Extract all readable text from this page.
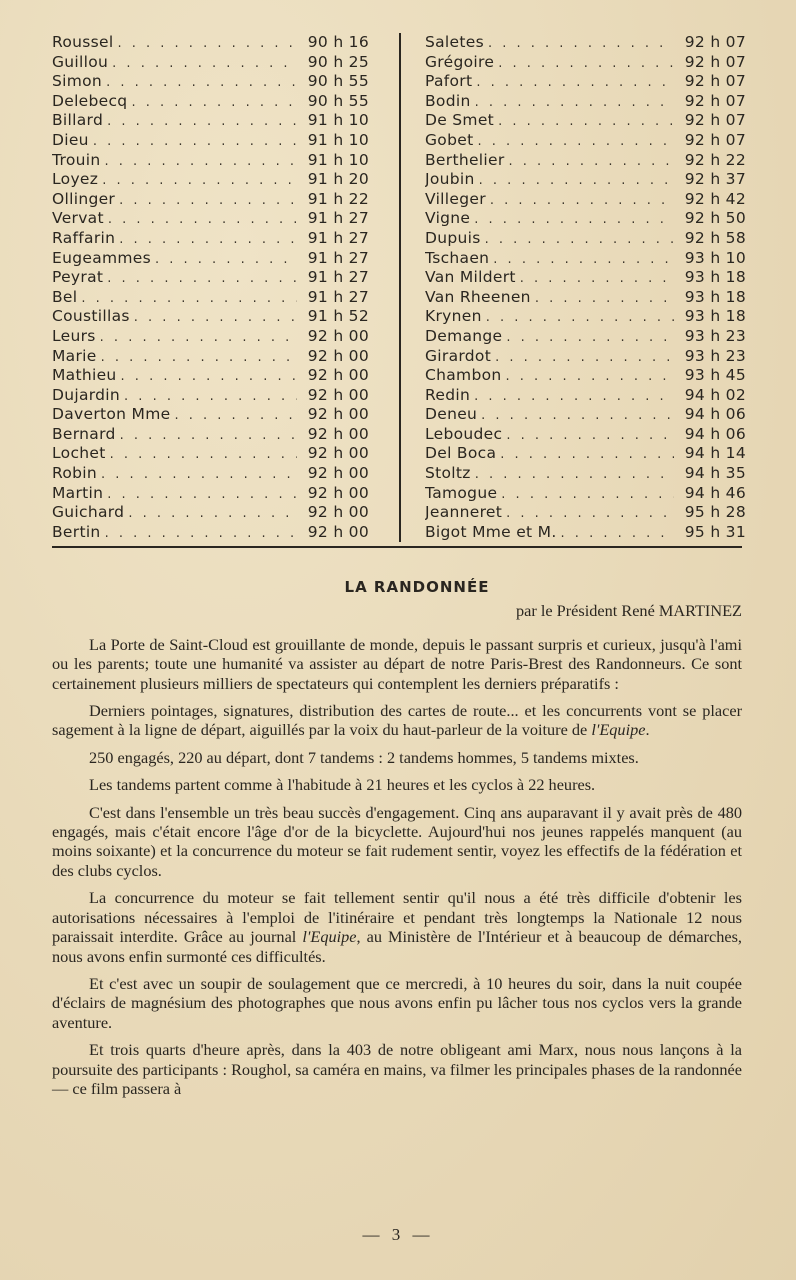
Roussel . . .	90 h 16
Guillou . . .	90 h 25
Simon . . .	90 h 55
Delebecq . . .	90 h 55
Billard . . .	91 h 10
Dieu . . .	91 h 10
Trouin . . .	91 h 10
Loyez . . .	91 h 20
Ollinger . . .	91 h 22
Vervat . . .	91 h 27
Raffarin . . .	91 h 27
Eugeammes . . .	91 h 27
Peyrat . . .	91 h 27
Bel . . .	91 h 27
Coustillas . . .	91 h 52
Leurs . . .	92 h 00
Marie . . .	92 h 00
Mathieu . . .	92 h 00
Dujardin . . .	92 h 00
Daverton Mme . . .	92 h 00
Bernard . . .	92 h 00
Lochet . . .	92 h 00
Robin . . .	92 h 00
Martin . . .	92 h 00
Guichard . . .	92 h 00
Bertin . . .	92 h 00
Saletes . . .	92 h 07
Grégoire . . .	92 h 07
Pafort . . .	92 h 07
Bodin . . .	92 h 07
De Smet . . .	92 h 07
Gobet . . .	92 h 07
Berthelier . . .	92 h 22
Joubin . . .	92 h 37
Villeger . . .	92 h 42
Vigne . . .	92 h 50
Dupuis . . .	92 h 58
Tschaen . . .	93 h 10
Van Mildert . . .	93 h 18
Van Rheenen . . .	93 h 18
Krynen . . .	93 h 18
Demange . . .	93 h 23
Girardot . . .	93 h 23
Chambon . . .	93 h 45
Redin . . .	94 h 02
Deneu . . .	94 h 06
Leboudec . . .	94 h 06
Del Boca . . .	94 h 14
Stoltz . . .	94 h 35
Tamogue . . .	94 h 46
Jeanneret . . .	95 h 28
Bigot Mme et M. . . .	95 h 31
LA RANDONNÉE
par le Président René MARTINEZ

La Porte de Saint-Cloud est grouillante de monde, depuis le passant surpris et curieux, jusqu'à l'ami ou les parents; toute une humanité va assister au départ de notre Paris-Brest des Randonneurs. Ce sont certainement plusieurs milliers de spectateurs qui contemplent les derniers préparatifs :

Derniers pointages, signatures, distribution des cartes de route... et les concurrents vont se placer sagement à la ligne de départ, aiguillés par la voix du haut-parleur de la voiture de l'Equipe.

250 engagés, 220 au départ, dont 7 tandems : 2 tandems hommes, 5 tandems mixtes.

Les tandems partent comme à l'habitude à 21 heures et les cyclos à 22 heures.

C'est dans l'ensemble un très beau succès d'engagement. Cinq ans auparavant il y avait près de 480 engagés, mais c'était encore l'âge d'or de la bicyclette. Aujourd'hui nos jeunes rappelés manquent (au moins soixante) et la concurrence du moteur se fait rudement sentir, voyez les effectifs de la fédération et des clubs cyclos.

La concurrence du moteur se fait tellement sentir qu'il nous a été très difficile d'obtenir les autorisations nécessaires à l'emploi de l'itinéraire et pendant très longtemps la Nationale 12 nous paraissait interdite. Grâce au journal l'Equipe, au Ministère de l'Intérieur et à beaucoup de démarches, nous avons enfin surmonté ces difficultés.

Et c'est avec un soupir de soulagement que ce mercredi, à 10 heures du soir, dans la nuit coupée d'éclairs de magnésium des photographes que nous avons enfin pu lâcher tous nos cyclos vers la grande aventure.

Et trois quarts d'heure après, dans la 403 de notre obligeant ami Marx, nous nous lançons à la poursuite des participants : Roughol, sa caméra en mains, va filmer les principales phases de la randonnée — ce film passera à

— 3 —
